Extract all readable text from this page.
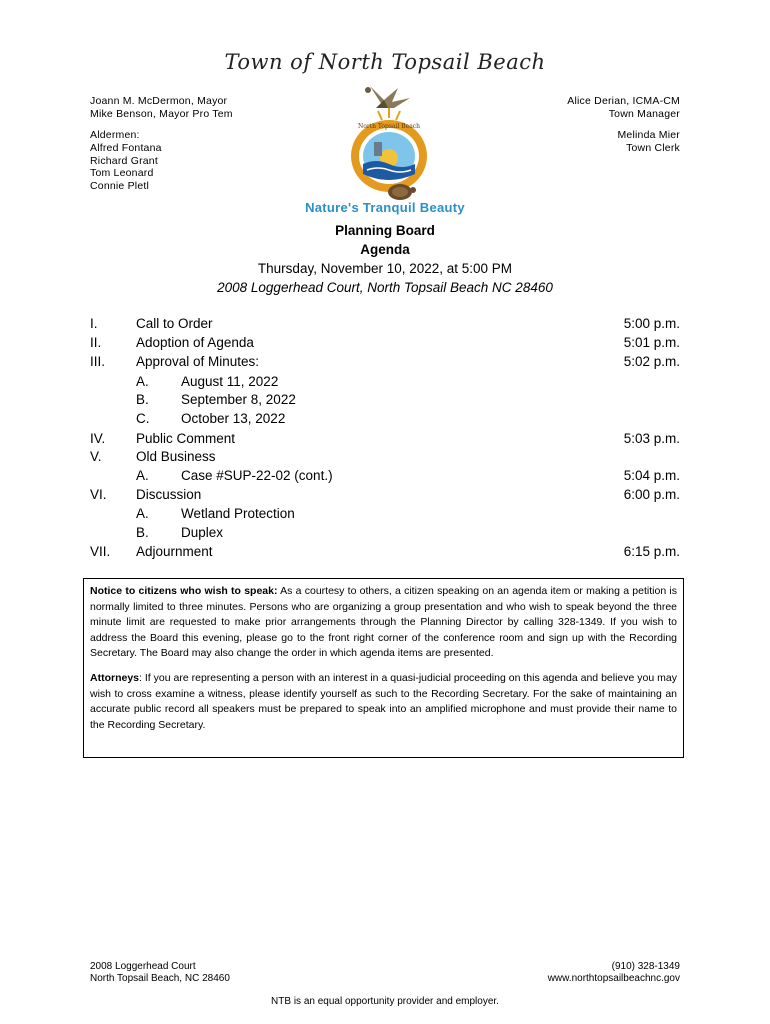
Town of North Topsail Beach
Joann M. McDermon, Mayor
Mike Benson, Mayor Pro Tem
Aldermen:
Alfred Fontana
Richard Grant
Tom Leonard
Connie Pletl
Alice Derian, ICMA-CM
Town Manager
Melinda Mier
Town Clerk
North Topsail Beach
Nature's Tranquil Beauty
Planning Board
Agenda
Thursday, November 10, 2022, at 5:00 PM
2008 Loggerhead Court, North Topsail Beach NC 28460
I.	Call to Order	5:00 p.m.
II.	Adoption of Agenda	5:01 p.m.
III. Approval of Minutes:	5:02 p.m.
A. August 11, 2022
B. September 8, 2022
C. October 13, 2022
IV. Public Comment	5:03 p.m.
V.	Old Business
A. Case #SUP-22-02 (cont.)	5:04 p.m.
VI. Discussion	6:00 p.m.
A. Wetland Protection
B. Duplex
VII. Adjournment	6:15 p.m.

Notice to citizens who wish to speak: As a courtesy to others, a citizen speaking on an agenda item or making a petition is normally limited to three minutes. Persons who are organizing a group presentation and who wish to speak beyond the three minute limit are requested to make prior arrangements through the Planning Director by calling 328-1349. If you wish to address the Board this evening, please go to the front right corner of the conference room and sign up with the Recording Secretary. The Board may also change the order in which agenda items are presented.

Attorneys: If you are representing a person with an interest in a quasi-judicial proceeding on this agenda and believe you may wish to cross examine a witness, please identify yourself as such to the Recording Secretary. For the sake of maintaining an accurate public record all speakers must be prepared to speak into an amplified microphone and must provide their name to the Recording Secretary.

2008 Loggerhead Court
North Topsail Beach, NC 28460
(910) 328-1349
www.northtopsailbeachnc.gov
NTB is an equal opportunity provider and employer.
